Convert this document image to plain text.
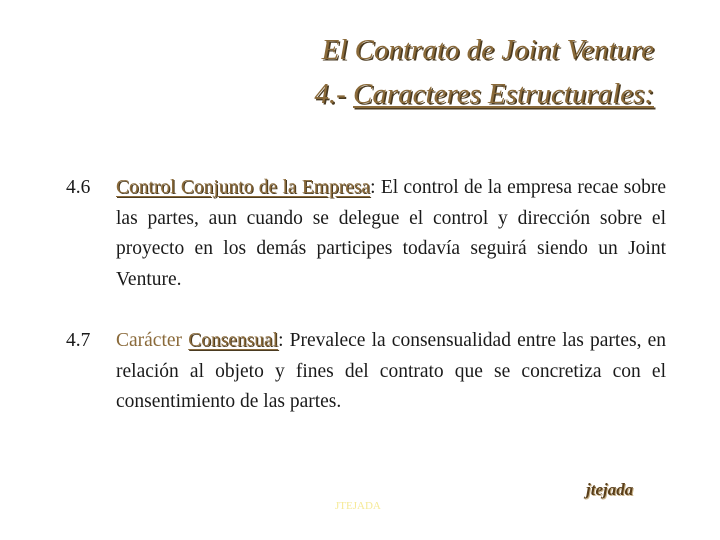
El Contrato de Joint Venture
4.- Caracteres Estructurales:
4.6	Control Conjunto de la Empresa: El control de la empresa recae sobre las partes, aun cuando se delegue el control y dirección sobre el proyecto en los demás participes todavía seguirá siendo un Joint Venture.
4.7	Carácter Consensual: Prevalece la consensualidad entre las partes, en relación al objeto y fines del contrato que se concretiza con el consentimiento de las partes.
JTEJADA
jtejada
